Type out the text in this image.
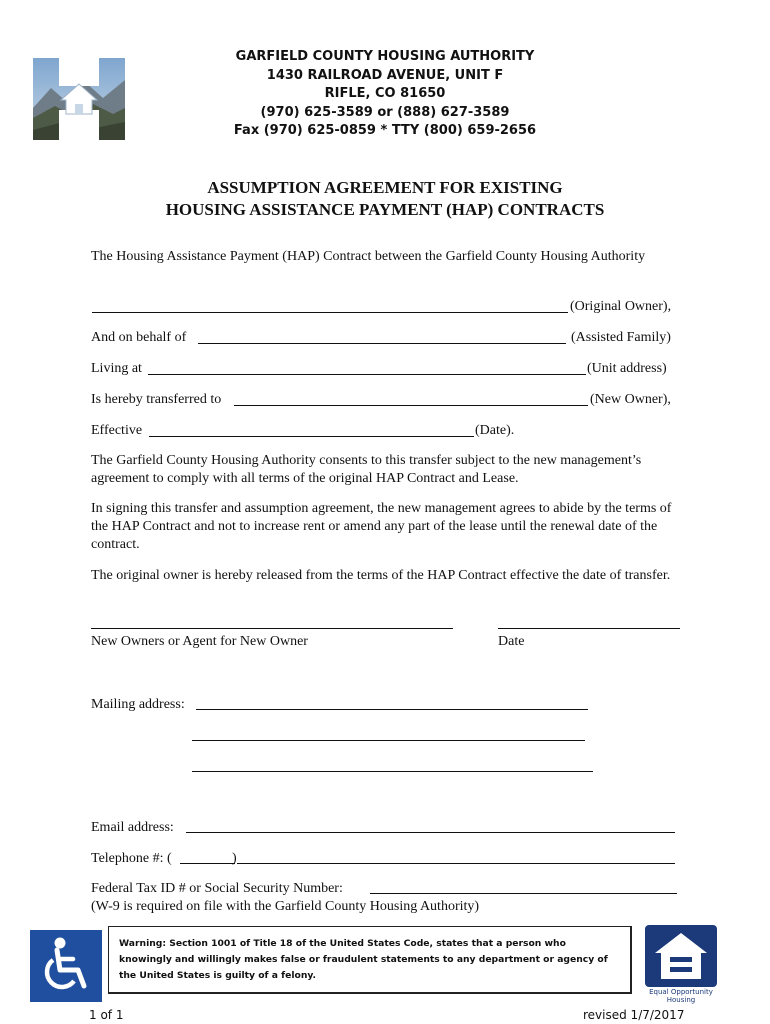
GARFIELD COUNTY HOUSING AUTHORITY
1430 RAILROAD AVENUE, UNIT F
RIFLE, CO 81650
(970) 625-3589 or (888) 627-3589
Fax (970) 625-0859 * TTY (800) 659-2656
ASSUMPTION AGREEMENT FOR EXISTING
HOUSING ASSISTANCE PAYMENT (HAP) CONTRACTS
The Housing Assistance Payment (HAP) Contract between the Garfield County Housing Authority
(Original Owner),
And on behalf of	(Assisted Family)
Living at	(Unit address)
Is hereby transferred to	(New Owner),
Effective	(Date).
The Garfield County Housing Authority consents to this transfer subject to the new management’s agreement to comply with all terms of the original HAP Contract and Lease.
In signing this transfer and assumption agreement, the new management agrees to abide by the terms of the HAP Contract and not to increase rent or amend any part of the lease until the renewal date of the contract.
The original owner is hereby released from the terms of the HAP Contract effective the date of transfer.
New Owners or Agent for New Owner	Date
Mailing address:
Email address:
Telephone #: (	)
Federal Tax ID # or Social Security Number:
(W-9 is required on file with the Garfield County Housing Authority)
Warning: Section 1001 of Title 18 of the United States Code, states that a person who knowingly and willingly makes false or fraudulent statements to any department or agency of the United States is guilty of a felony.
Equal Opportunity
Housing
1 of 1	revised 1/7/2017
